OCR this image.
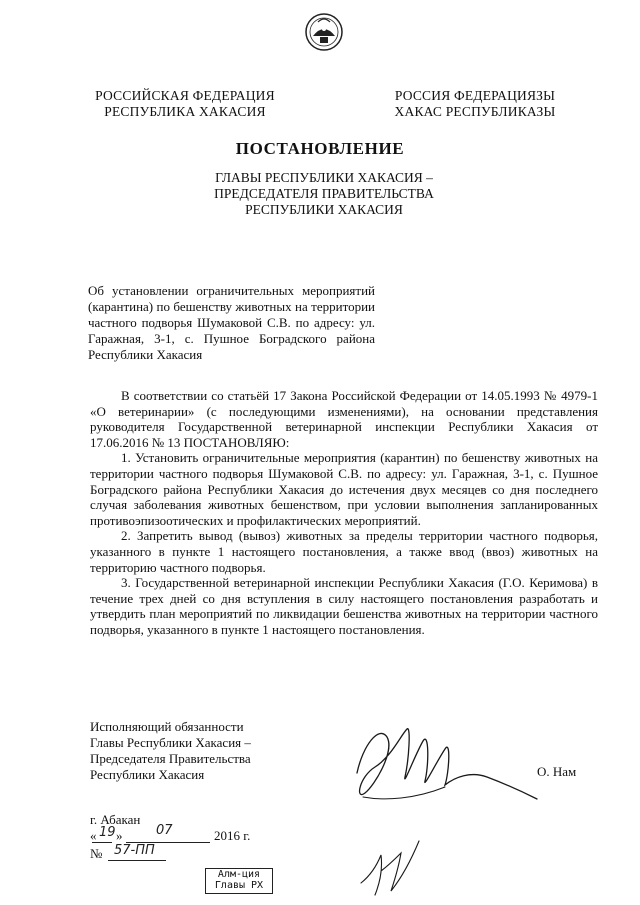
РОССИЙСКАЯ ФЕДЕРАЦИЯ
РЕСПУБЛИКА ХАКАСИЯ
РОССИЯ ФЕДЕРАЦИЯЗЫ
ХАКАС РЕСПУБЛИКАЗЫ
ПОСТАНОВЛЕНИЕ
ГЛАВЫ РЕСПУБЛИКИ ХАКАСИЯ –
ПРЕДСЕДАТЕЛЯ ПРАВИТЕЛЬСТВА
РЕСПУБЛИКИ ХАКАСИЯ
Об установлении ограничительных мероприятий (карантина) по бешенству животных на территории частного подворья Шумаковой С.В. по адресу: ул. Гаражная, 3-1, с. Пушное Боградского района Республики Хакасия

В соответствии со статьёй 17 Закона Российской Федерации от 14.05.1993 № 4979-1 «О ветеринарии» (с последующими изменениями), на основании представления руководителя Государственной ветеринарной инспекции Республики Хакасия от 17.06.2016 № 13 ПОСТАНОВЛЯЮ:

1. Установить ограничительные мероприятия (карантин) по бешенству животных на территории частного подворья Шумаковой С.В. по адресу: ул. Гаражная, 3-1, с. Пушное Боградского района Республики Хакасия до истечения двух месяцев со дня последнего случая заболевания животных бешенством, при условии выполнения запланированных противоэпизоотических и профилактических мероприятий.

2. Запретить вывод (вывоз) животных за пределы территории частного подворья, указанного в пункте 1 настоящего постановления, а также ввод (ввоз) животных на территорию частного подворья.

3. Государственной ветеринарной инспекции Республики Хакасия (Г.О. Керимова) в течение трех дней со дня вступления в силу настоящего постановления разработать и утвердить план мероприятий по ликвидации бешенства животных на территории частного подворья, указанного в пункте 1 настоящего постановления.

Исполняющий обязанности
Главы Республики Хакасия –
Председателя Правительства
Республики Хакасия	О. Нам
г. Абакан
« 19 »	07	2016 г.
№ 57-ПП
Алм-ция
Главы РХ
